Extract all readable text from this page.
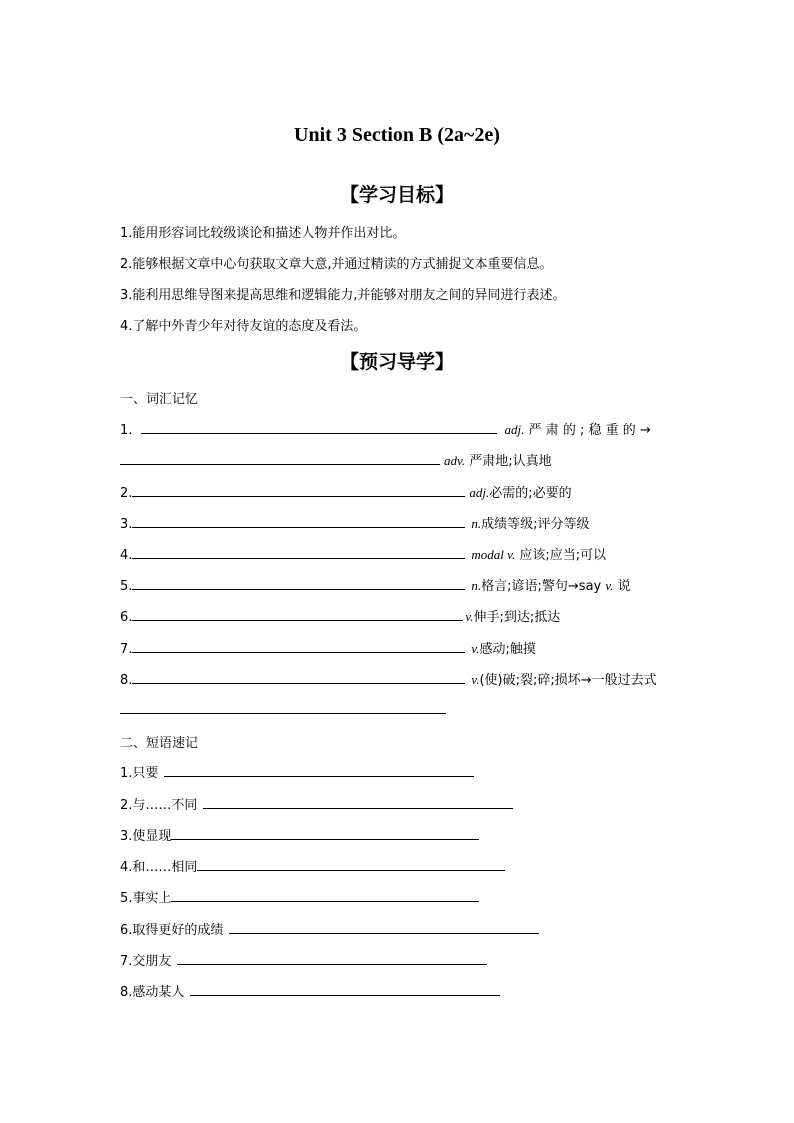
Unit 3 Section B (2a~2e)
【学习目标】
1.能用形容词比较级谈论和描述人物并作出对比。
2.能够根据文章中心句获取文章大意,并通过精读的方式捕捉文本重要信息。
3.能利用思维导图来提高思维和逻辑能力,并能够对朋友之间的异同进行表述。
4.了解中外青少年对待友谊的态度及看法。
【预习导学】
一、词汇记忆
1.	adj. 严 肃 的 ; 稳 重 的 →
adv. 严肃地;认真地
2.	adj.必需的;必要的
3.	n.成绩等级;评分等级
4.	modal v. 应该;应当;可以
5.	n.格言;谚语;警句→say v. 说
6.	v.伸手;到达;抵达
7.	v.感动;触摸
8.	v.(使)破;裂;碎;损坏→一般过去式
二、短语速记
1.只要
2.与……不同
3.使显现
4.和……相同
5.事实上
6.取得更好的成绩
7.交朋友
8.感动某人
